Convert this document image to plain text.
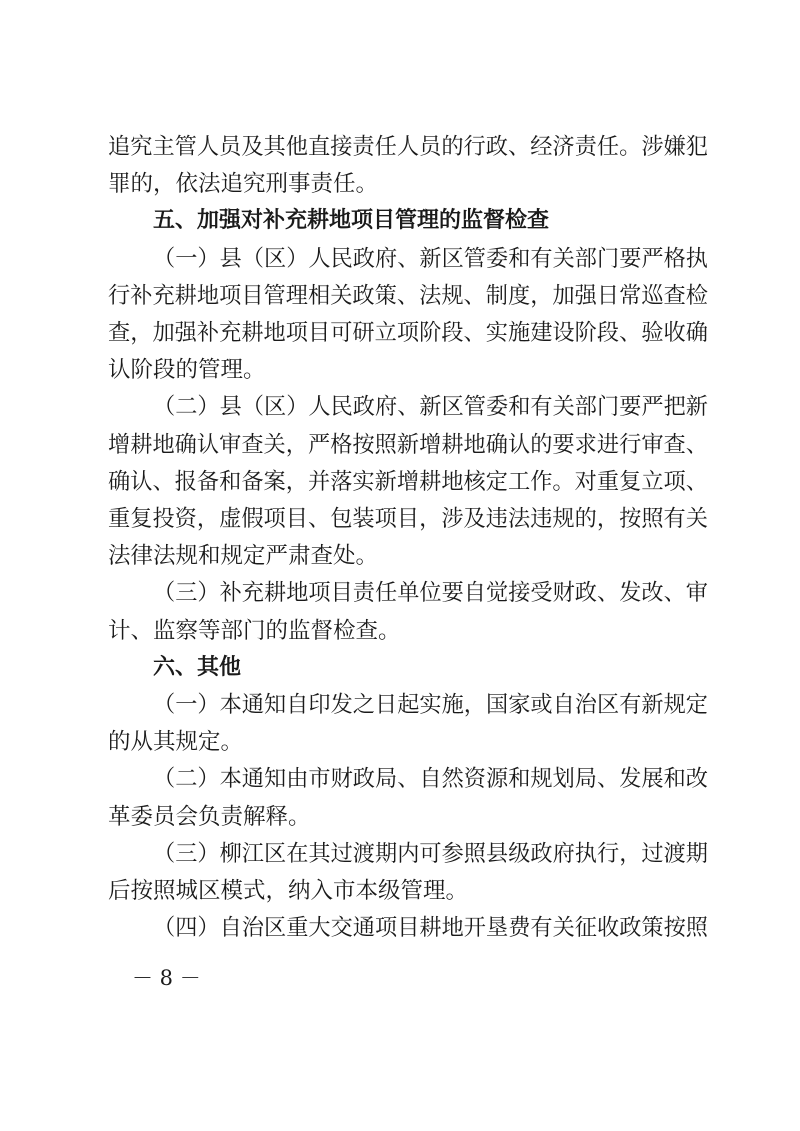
追究主管人员及其他直接责任人员的行政、经济责任。涉嫌犯
罪的，依法追究刑事责任。
五、加强对补充耕地项目管理的监督检查
（一）县（区）人民政府、新区管委和有关部门要严格执
行补充耕地项目管理相关政策、法规、制度，加强日常巡查检
查，加强补充耕地项目可研立项阶段、实施建设阶段、验收确
认阶段的管理。
（二）县（区）人民政府、新区管委和有关部门要严把新
增耕地确认审查关，严格按照新增耕地确认的要求进行审查、
确认、报备和备案，并落实新增耕地核定工作。对重复立项、
重复投资，虚假项目、包装项目，涉及违法违规的，按照有关
法律法规和规定严肃查处。
（三）补充耕地项目责任单位要自觉接受财政、发改、审
计、监察等部门的监督检查。
六、其他
（一）本通知自印发之日起实施，国家或自治区有新规定
的从其规定。
（二）本通知由市财政局、自然资源和规划局、发展和改
革委员会负责解释。
（三）柳江区在其过渡期内可参照县级政府执行，过渡期
后按照城区模式，纳入市本级管理。
（四）自治区重大交通项目耕地开垦费有关征收政策按照
－ 8 －
